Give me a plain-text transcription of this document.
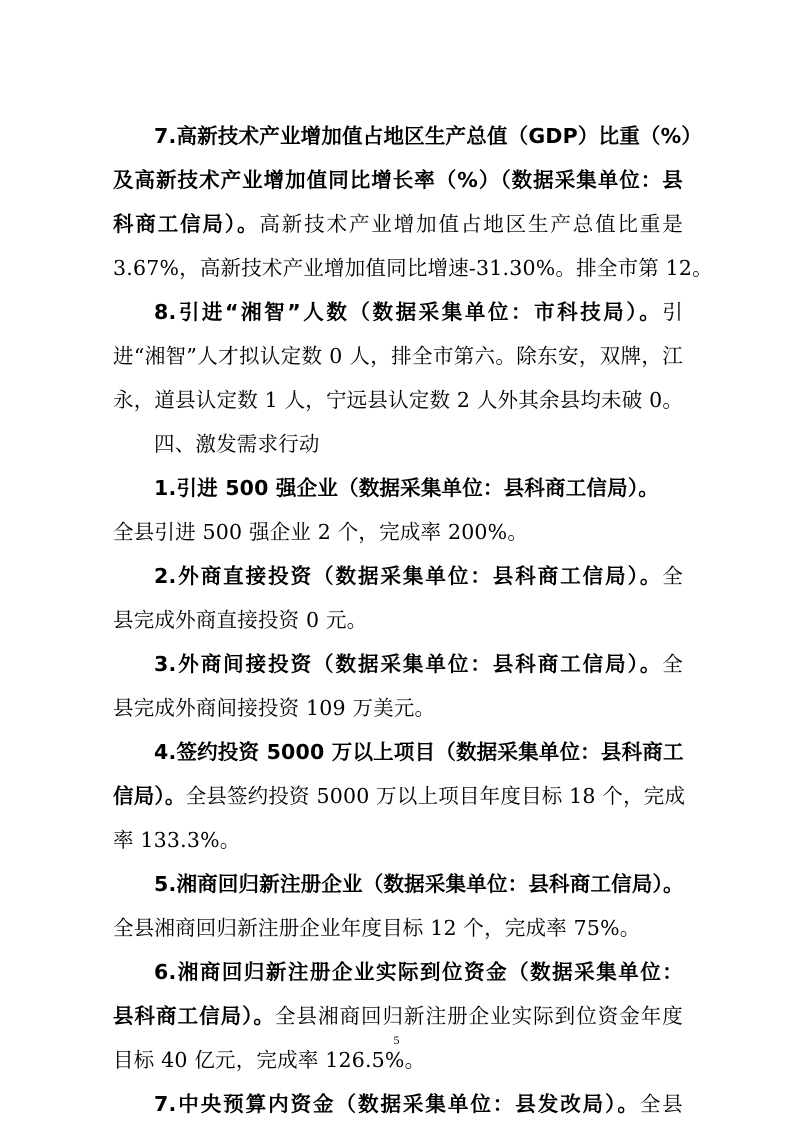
7.高新技术产业增加值占地区生产总值（GDP）比重（%）
及高新技术产业增加值同比增长率（%）（数据采集单位：县
科商工信局）。高新技术产业增加值占地区生产总值比重是
3.67%，高新技术产业增加值同比增速-31.30%。排全市第 12。
8.引进“湘智”人数（数据采集单位：市科技局）。引
进“湘智”人才拟认定数 0 人，排全市第六。除东安，双牌，江
永，道县认定数 1 人，宁远县认定数 2 人外其余县均未破 0。
四、激发需求行动
1.引进 500 强企业（数据采集单位：县科商工信局）。
全县引进 500 强企业 2 个，完成率 200%。
2.外商直接投资（数据采集单位：县科商工信局）。全
县完成外商直接投资 0 元。
3.外商间接投资（数据采集单位：县科商工信局）。全
县完成外商间接投资 109 万美元。
4.签约投资 5000 万以上项目（数据采集单位：县科商工
信局）。全县签约投资 5000 万以上项目年度目标 18 个，完成
率 133.3%。
5.湘商回归新注册企业（数据采集单位：县科商工信局）。
全县湘商回归新注册企业年度目标 12 个，完成率 75%。
6.湘商回归新注册企业实际到位资金（数据采集单位：
县科商工信局）。全县湘商回归新注册企业实际到位资金年度
目标 40 亿元，完成率 126.5%。
7.中央预算内资金（数据采集单位：县发改局）。全县
5
